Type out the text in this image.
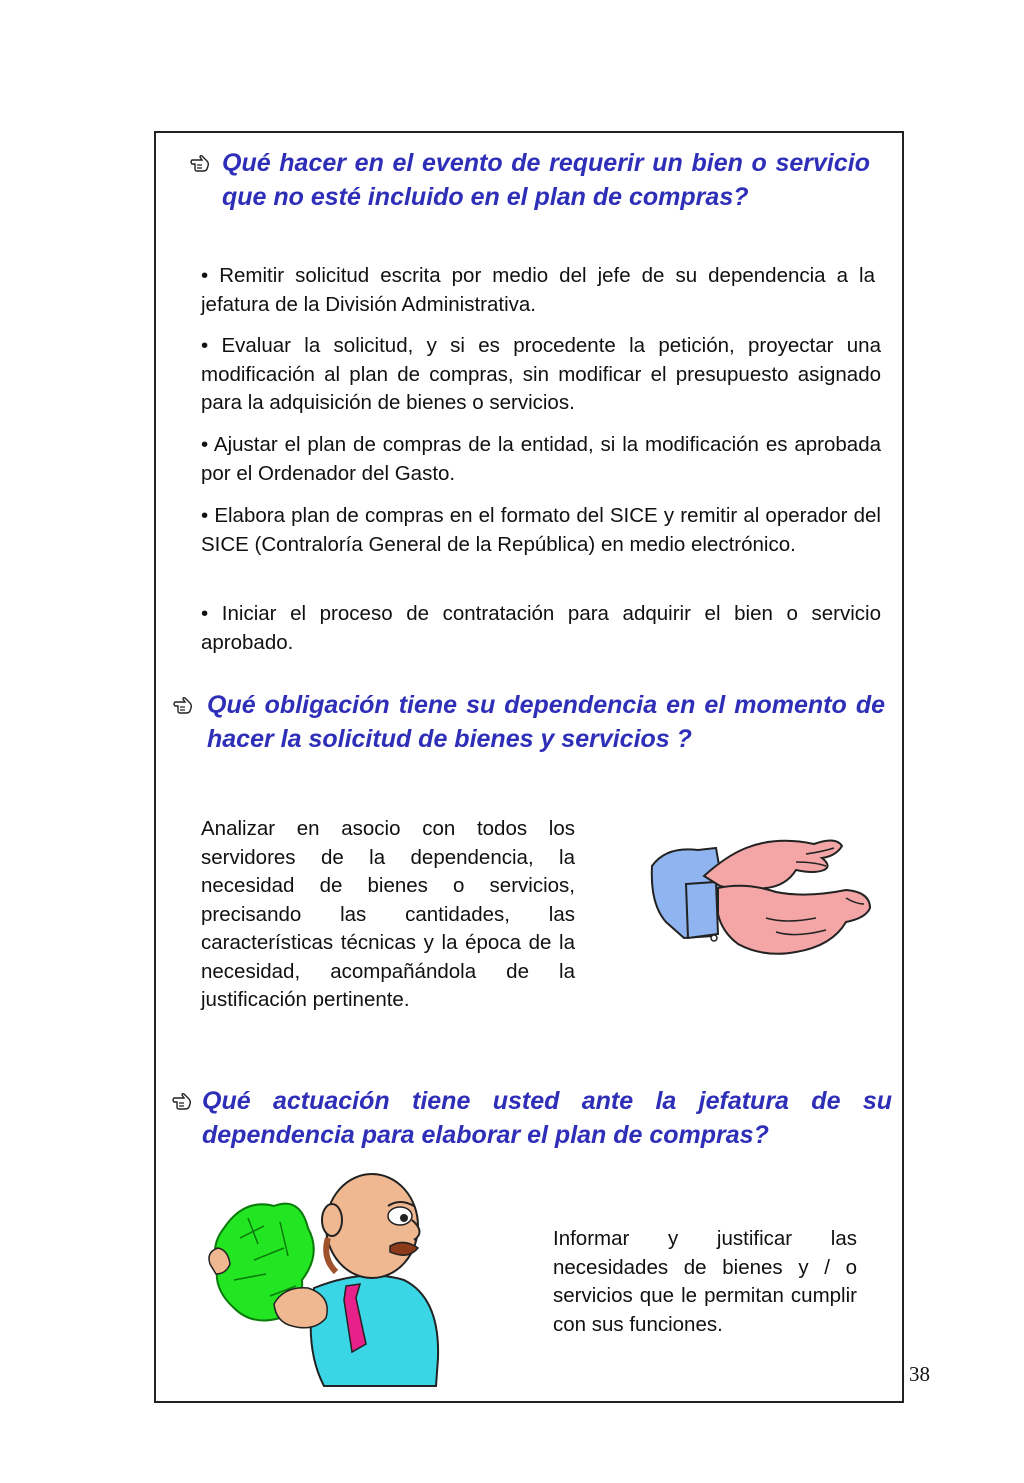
Qué hacer en el evento de requerir un bien o servicio que no esté incluido en el plan de compras?
• Remitir solicitud escrita por medio del jefe de su dependencia a la jefatura de la División Administrativa.
• Evaluar la solicitud, y si es procedente la petición, proyectar una modificación al plan de compras, sin modificar el presupuesto asignado para la adquisición de bienes o servicios.
• Ajustar el plan de compras de la entidad, si la modificación es aprobada por el Ordenador del Gasto.
• Elabora plan de compras en el formato del SICE y remitir al operador del SICE (Contraloría General de la República) en medio electrónico.
• Iniciar el proceso de contratación para adquirir el bien o servicio aprobado.
Qué obligación tiene su dependencia en el momento de hacer la solicitud de bienes y servicios ?
Analizar en asocio con todos los servidores de la dependencia, la necesidad de bienes o servicios, precisando las cantidades, las características técnicas y la época de la necesidad, acompañándola de la justificación pertinente.
Qué actuación tiene usted ante la jefatura de su dependencia para elaborar el plan de compras?
Informar y justificar las necesidades de bienes y / o servicios que le permitan cumplir con sus funciones.
38
